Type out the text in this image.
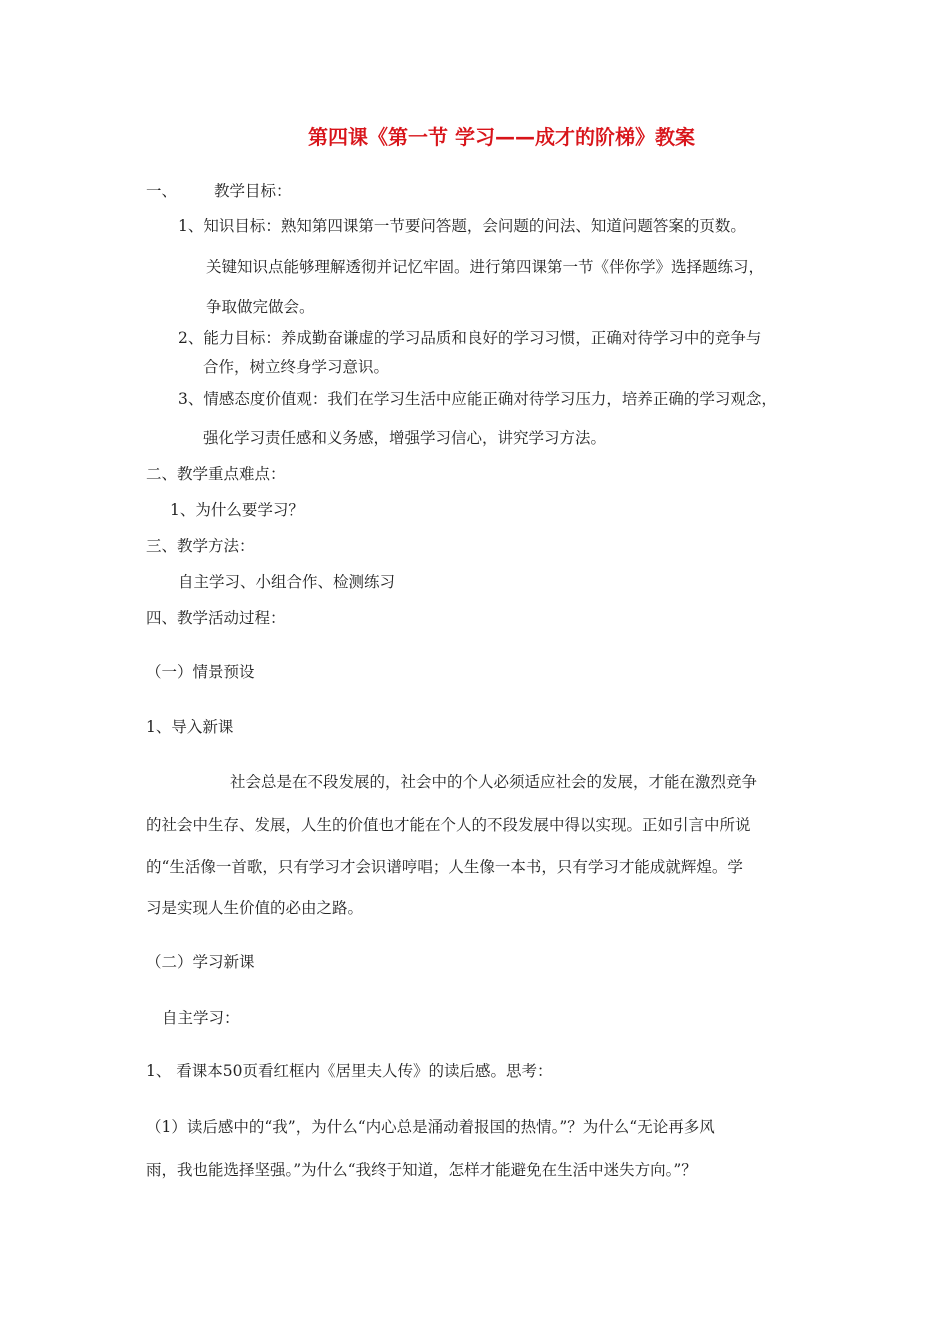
第四课《第一节 学习——成才的阶梯》教案
一、 教学目标：
1、知识目标：熟知第四课第一节要问答题，会问题的问法、知道问题答案的页数。
关键知识点能够理解透彻并记忆牢固。进行第四课第一节《伴你学》选择题练习，
争取做完做会。
2、能力目标：养成勤奋谦虚的学习品质和良好的学习习惯，正确对待学习中的竞争与
合作，树立终身学习意识。
3、情感态度价值观：我们在学习生活中应能正确对待学习压力，培养正确的学习观念，
强化学习责任感和义务感，增强学习信心，讲究学习方法。
二、教学重点难点：
1、为什么要学习？
三、教学方法：
自主学习、小组合作、检测练习
四、教学活动过程：
（一）情景预设
1、导入新课
社会总是在不段发展的，社会中的个人必须适应社会的发展，才能在激烈竞争
的社会中生存、发展，人生的价值也才能在个人的不段发展中得以实现。正如引言中所说
的“生活像一首歌，只有学习才会识谱哼唱；人生像一本书，只有学习才能成就辉煌。学
习是实现人生价值的必由之路。
（二）学习新课
自主学习：
1、 看课本50页看红框内《居里夫人传》的读后感。思考：
（1）读后感中的“我”，为什么“内心总是涌动着报国的热情。”？为什么“无论再多风
雨，我也能选择坚强。”为什么“我终于知道，怎样才能避免在生活中迷失方向。”？
